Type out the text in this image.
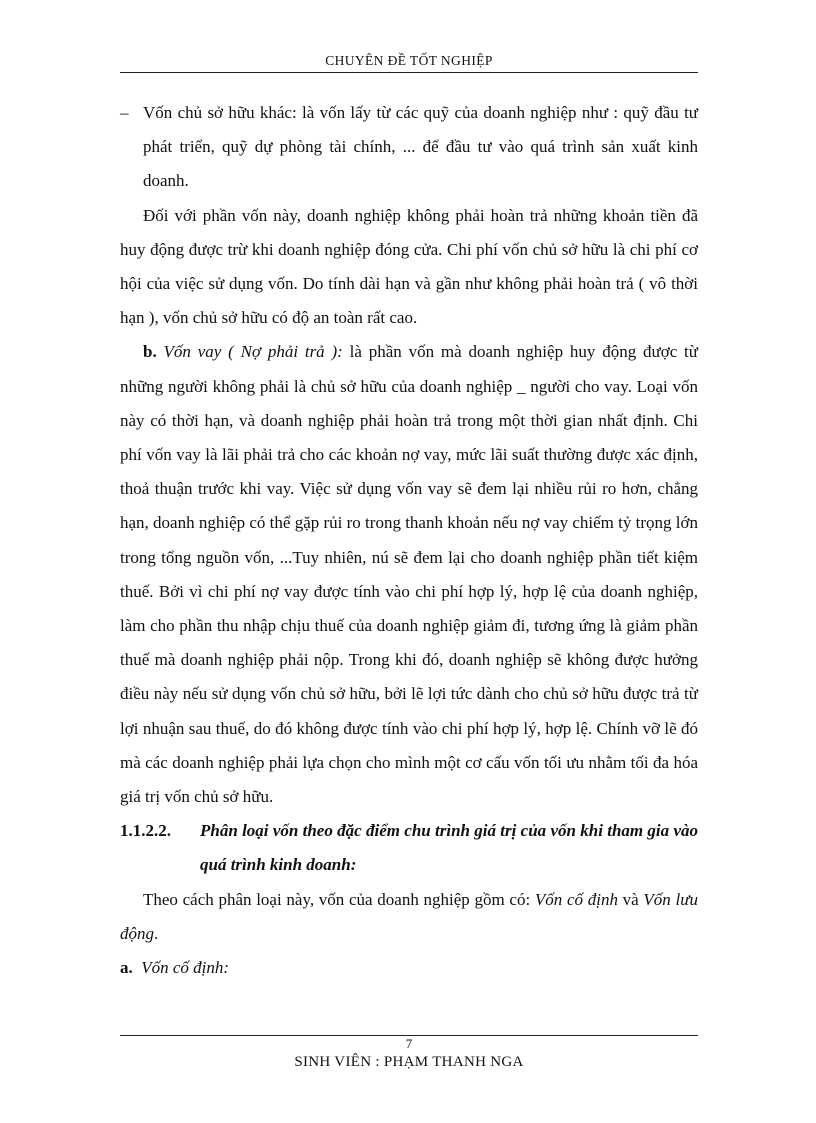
CHUYÊN ĐỀ TỐT NGHIỆP

– Vốn chủ sở hữu khác: là vốn lấy từ các quỹ của doanh nghiệp như : quỹ đầu tư phát triển, quỹ dự phòng tài chính, ... để đầu tư vào quá trình sản xuất kinh doanh.

Đối với phần vốn này, doanh nghiệp không phải hoàn trả những khoản tiền đã huy động được trừ khi doanh nghiệp đóng cửa. Chi phí vốn chủ sở hữu là chi phí cơ hội của việc sử dụng vốn. Do tính dài hạn và gần như không phải hoàn trả ( vô thời hạn ), vốn chủ sở hữu có độ an toàn rất cao.

b. Vốn vay ( Nợ phải trả ): là phần vốn mà doanh nghiệp huy động được từ những người không phải là chủ sở hữu của doanh nghiệp _ người cho vay. Loại vốn này có thời hạn, và doanh nghiệp phải hoàn trả trong một thời gian nhất định. Chi phí vốn vay là lãi phải trả cho các khoản nợ vay, mức lãi suất thường được xác định, thoả thuận trước khi vay. Việc sử dụng vốn vay sẽ đem lại nhiều rủi ro hơn, chẳng hạn, doanh nghiệp có thể gặp rủi ro trong thanh khoản nếu nợ vay chiếm tỷ trọng lớn trong tổng nguồn vốn, ...Tuy nhiên, nú sẽ đem lại cho doanh nghiệp phần tiết kiệm thuế. Bởi vì chi phí nợ vay được tính vào chi phí hợp lý, hợp lệ của doanh nghiệp, làm cho phần thu nhập chịu thuế của doanh nghiệp giảm đi, tương ứng là giảm phần thuế mà doanh nghiệp phải nộp. Trong khi đó, doanh nghiệp sẽ không được hưởng điều này nếu sử dụng vốn chủ sở hữu, bởi lẽ lợi tức dành cho chủ sở hữu được trả từ lợi nhuận sau thuế, do đó không được tính vào chi phí hợp lý, hợp lệ. Chính vỡ lẽ đó mà các doanh nghiệp phải lựa chọn cho mình một cơ cấu vốn tối ưu nhằm tối đa hóa giá trị vốn chủ sở hữu.

1.1.2.2.	Phân loại vốn theo đặc điểm chu trình giá trị của vốn khi tham gia vào quá trình kinh doanh:

Theo cách phân loại này, vốn của doanh nghiệp gồm có: Vốn cố định và Vốn lưu động.

a. Vốn cố định:

7
SINH VIÊN : PHẠM THANH NGA
